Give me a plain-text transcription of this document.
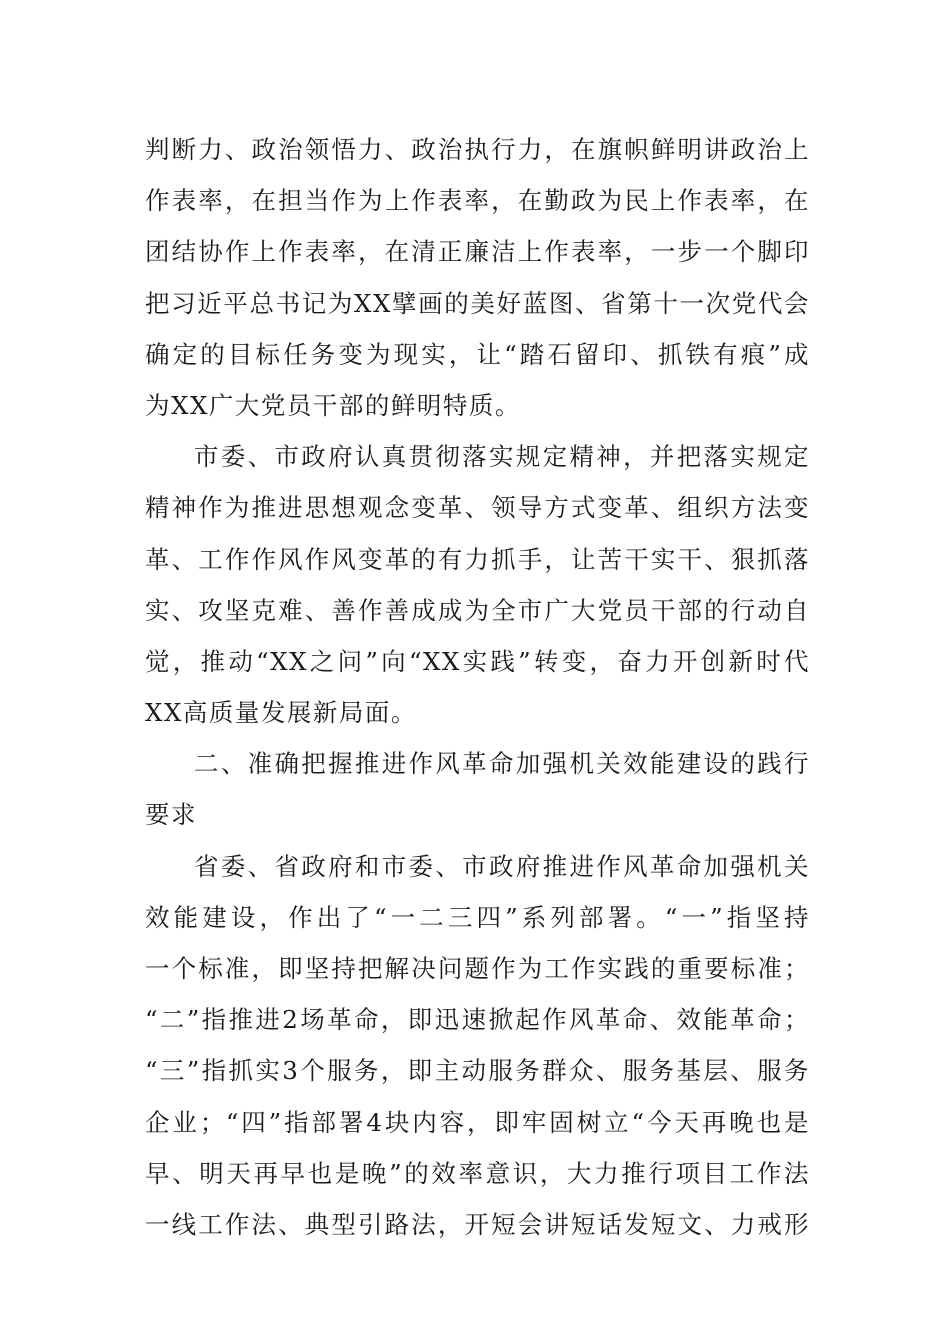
判断力、政治领悟力、政治执行力，在旗帜鲜明讲政治上
作表率，在担当作为上作表率，在勤政为民上作表率，在
团结协作上作表率，在清正廉洁上作表率，一步一个脚印
把习近平总书记为XX擘画的美好蓝图、省第十一次党代会
确定的目标任务变为现实，让“踏石留印、抓铁有痕”成
为XX广大党员干部的鲜明特质。
市委、市政府认真贯彻落实规定精神，并把落实规定
精神作为推进思想观念变革、领导方式变革、组织方法变
革、工作作风作风变革的有力抓手，让苦干实干、狠抓落
实、攻坚克难、善作善成成为全市广大党员干部的行动自
觉，推动“XX之问”向“XX实践”转变，奋力开创新时代
XX高质量发展新局面。
二、准确把握推进作风革命加强机关效能建设的践行
要求
省委、省政府和市委、市政府推进作风革命加强机关
效能建设，作出了“一二三四”系列部署。“一”指坚持
一个标准，即坚持把解决问题作为工作实践的重要标准；
“二”指推进2场革命，即迅速掀起作风革命、效能革命；
“三”指抓实3个服务，即主动服务群众、服务基层、服务
企业；“四”指部署4块内容，即牢固树立“今天再晚也是
早、明天再早也是晚”的效率意识，大力推行项目工作法
一线工作法、典型引路法，开短会讲短话发短文、力戒形
